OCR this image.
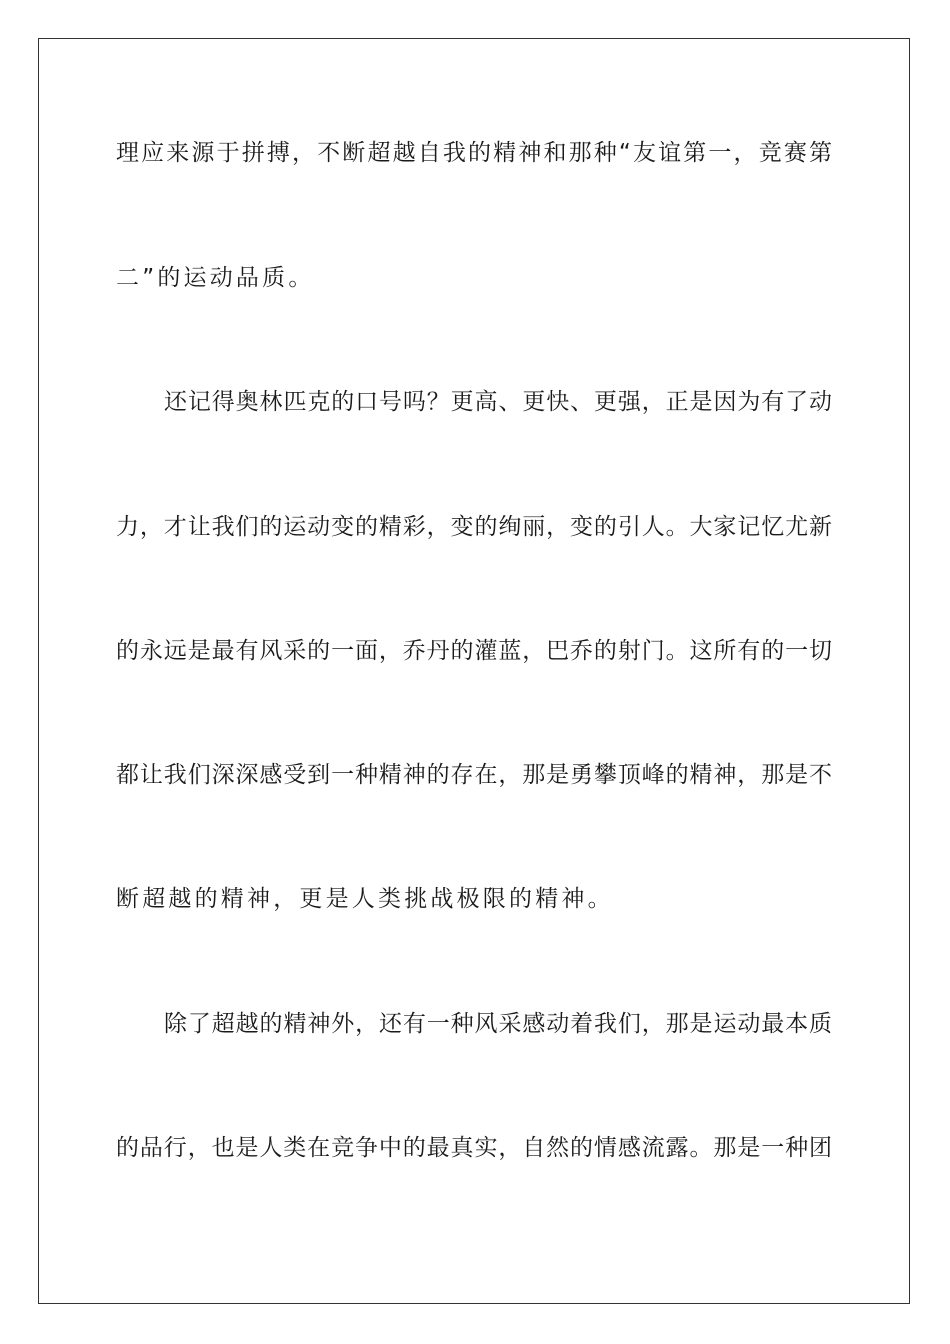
理应来源于拼搏，不断超越自我的精神和那种“友谊第一，竞赛第
二”的运动品质。
还记得奥林匹克的口号吗？更高、更快、更强，正是因为有了动
力，才让我们的运动变的精彩，变的绚丽，变的引人。大家记忆尤新
的永远是最有风采的一面，乔丹的灌蓝，巴乔的射门。这所有的一切
都让我们深深感受到一种精神的存在，那是勇攀顶峰的精神，那是不
断超越的精神，更是人类挑战极限的精神。
除了超越的精神外，还有一种风采感动着我们，那是运动最本质
的品行，也是人类在竞争中的最真实，自然的情感流露。那是一种团
